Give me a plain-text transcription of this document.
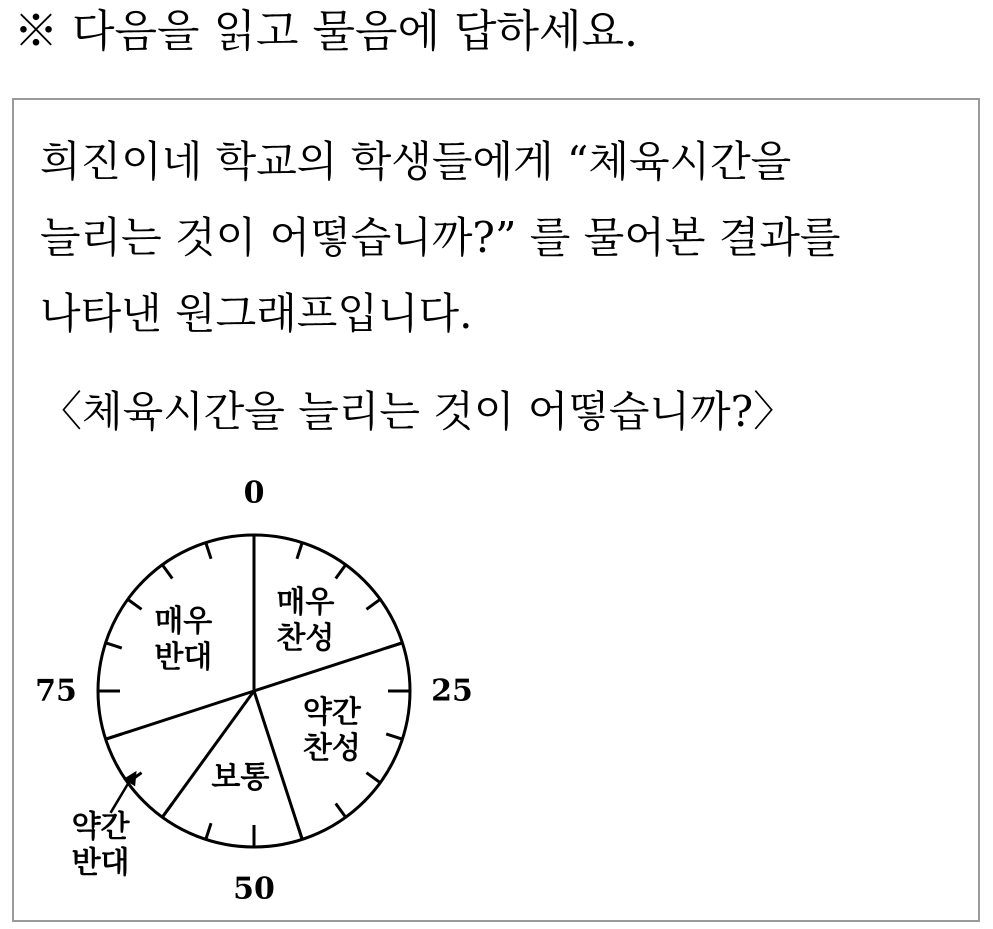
※ 다음을 읽고 물음에 답하세요.
희진이네 학교의 학생들에게 “체육시간을
늘리는 것이 어떻습니까?” 를 물어본 결과를
나타낸 원그래프입니다.
〈체육시간을 늘리는 것이 어떻습니까?〉
0
25
50
75
매우
찬성
약간
찬성
보통
매우
반대
약간
반대
